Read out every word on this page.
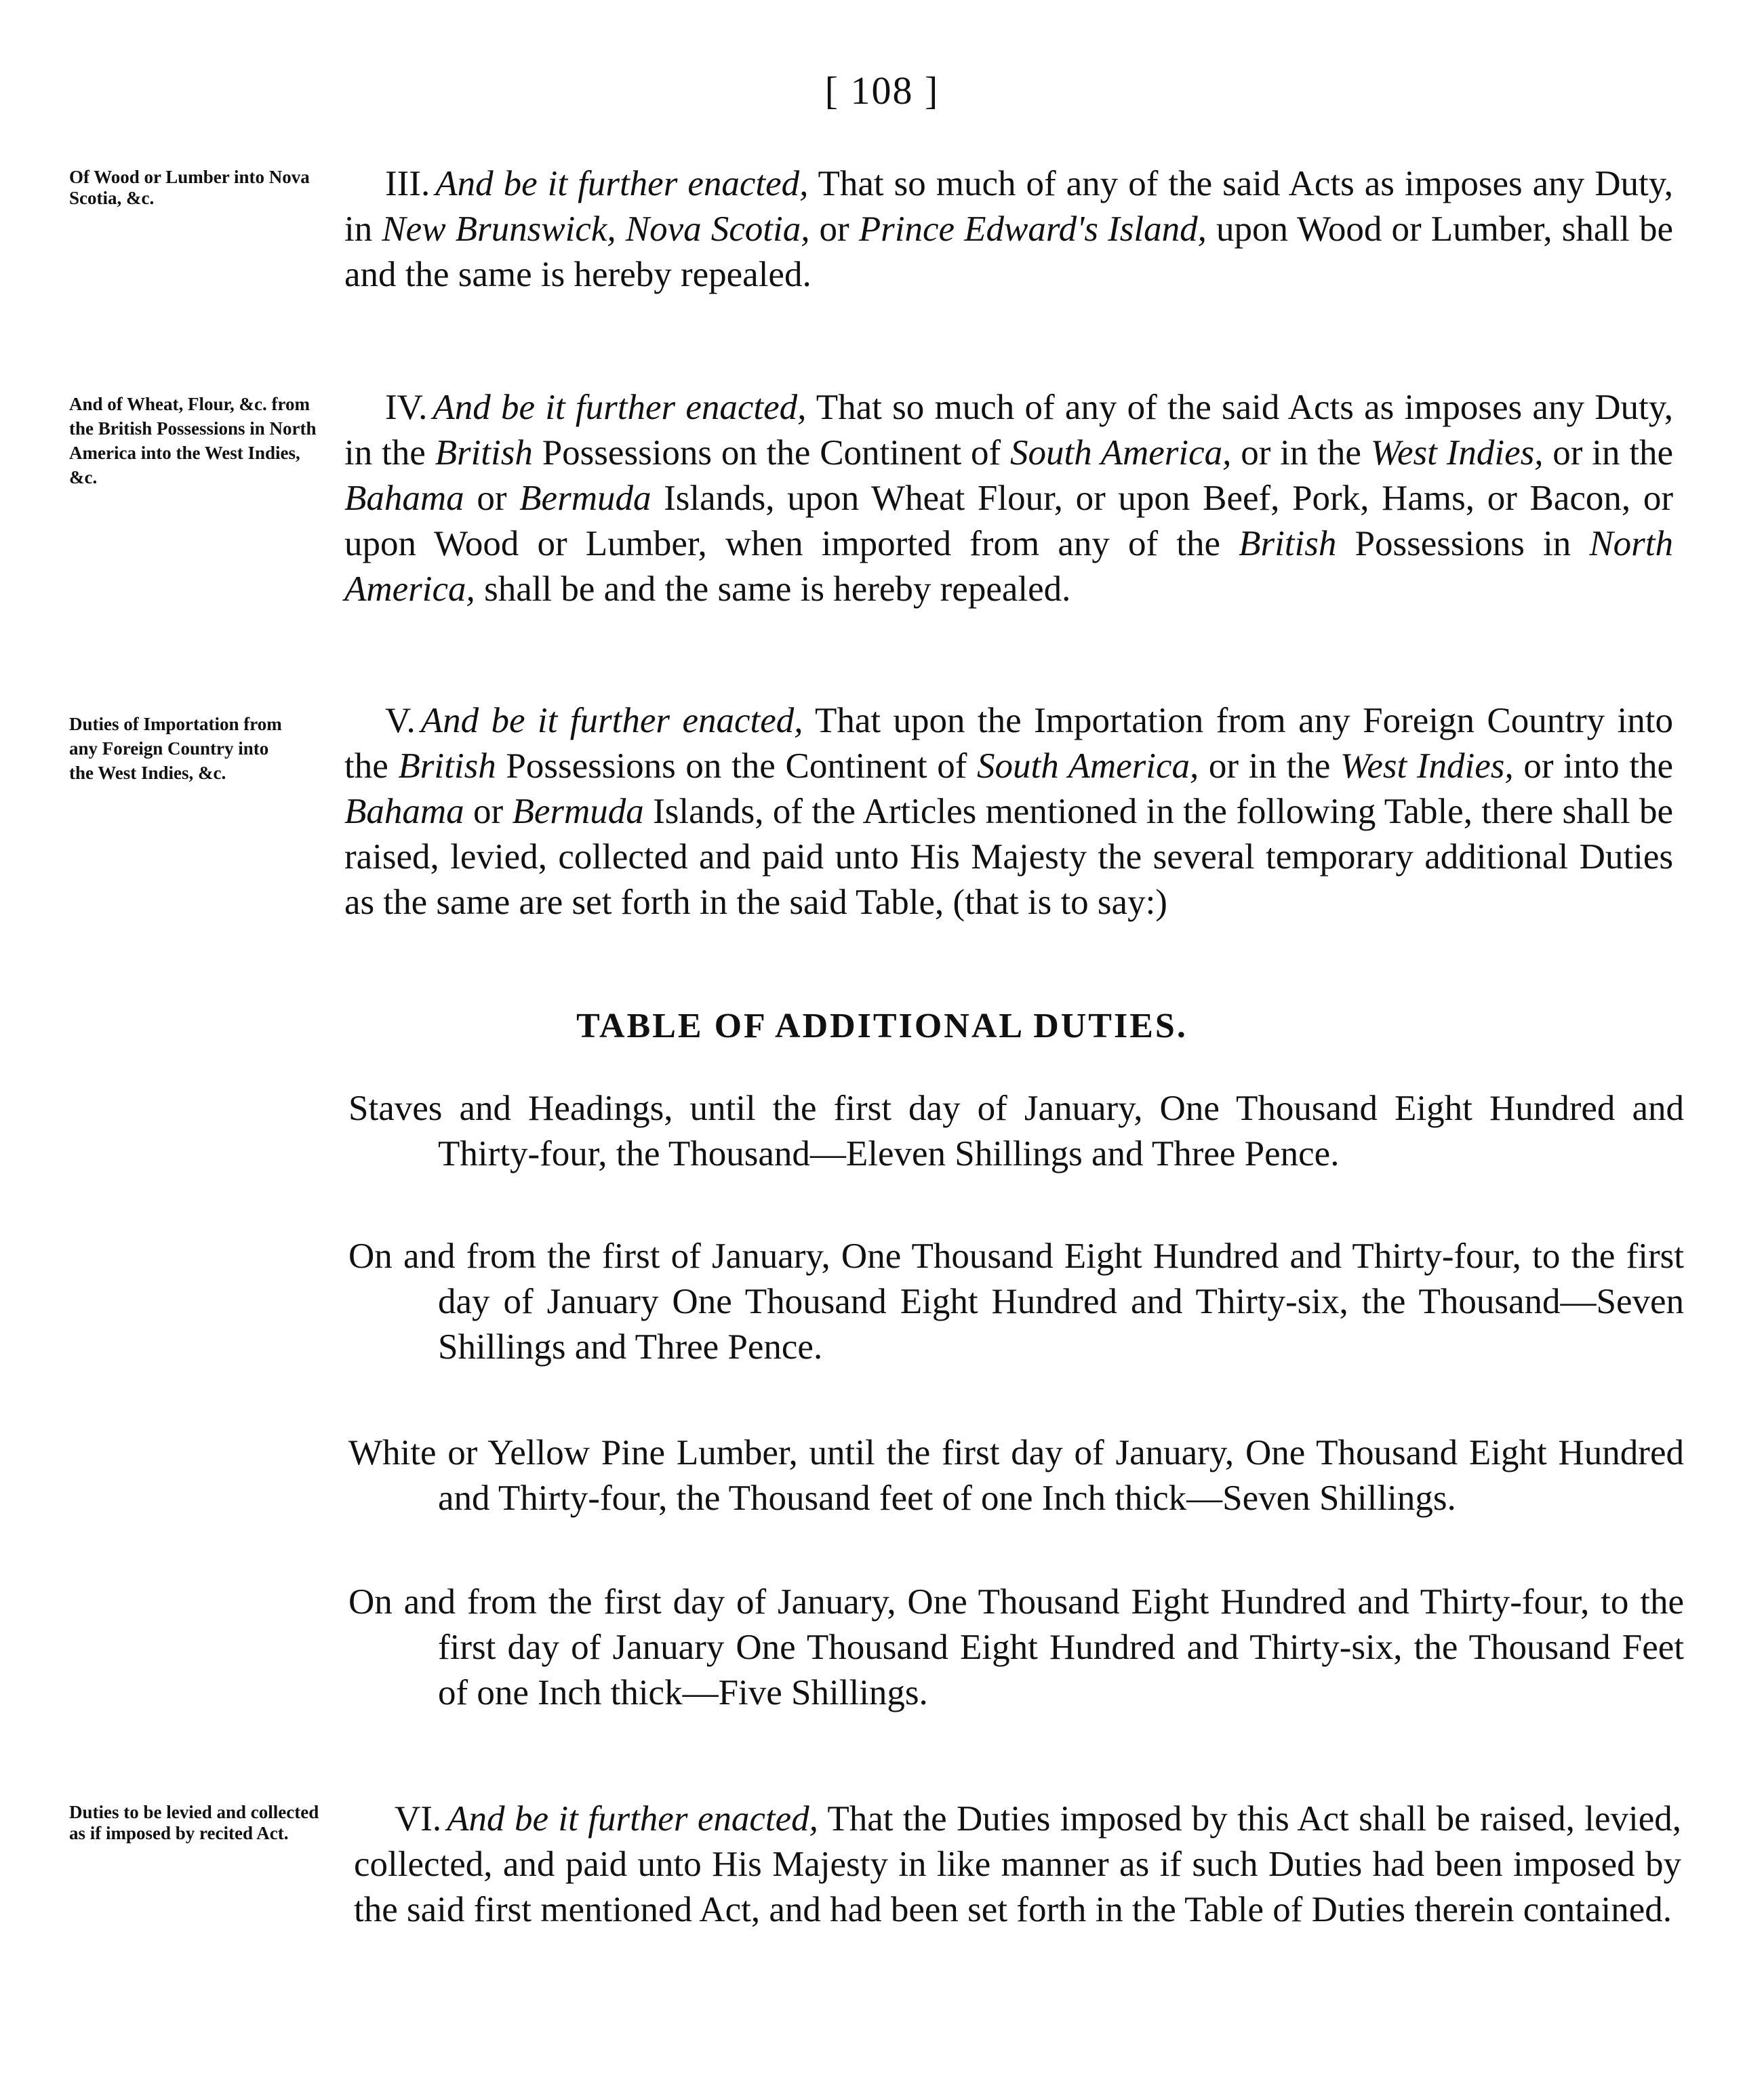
[ 108 ]
Of Wood or Lumber into Nova Scotia, &c.	III. And be it further enacted, That so much of any of the said Acts as imposes any Duty, in New Brunswick, Nova Scotia, or Prince Edward's Island, upon Wood or Lumber, shall be and the same is hereby repealed.
And of Wheat, Flour, &c. from the British Possessions in North America into the West Indies, &c.
IV. And be it further enacted, That so much of any of the said Acts as imposes any Duty, in the British Possessions on the Continent of South America, or in the West Indies, or in the Bahama or Bermuda Islands, upon Wheat Flour, or upon Beef, Pork, Hams, or Bacon, or upon Wood or Lumber, when imported from any of the British Possessions in North America, shall be and the same is hereby repealed.
Duties of Importation from any Foreign Country into the West Indies, &c.
V. And be it further enacted, That upon the Importation from any Foreign Country into the British Possessions on the Continent of South America, or in the West Indies, or into the Bahama or Bermuda Islands, of the Articles mentioned in the following Table, there shall be raised, levied, collected and paid unto His Majesty the several temporary additional Duties as the same are set forth in the said Table, (that is to say:)
TABLE OF ADDITIONAL DUTIES.
Staves and Headings, until the first day of January, One Thousand Eight Hundred and Thirty-four, the Thousand—Eleven Shillings and Three Pence.
On and from the first of January, One Thousand Eight Hundred and Thirty-four, to the first day of January One Thousand Eight Hundred and Thirty-six, the Thousand—Seven Shillings and Three Pence.
White or Yellow Pine Lumber, until the first day of January, One Thousand Eight Hundred and Thirty-four, the Thousand feet of one Inch thick—Seven Shillings.
On and from the first day of January, One Thousand Eight Hundred and Thirty-four, to the first day of January One Thousand Eight Hundred and Thirty-six, the Thousand Feet of one Inch thick—Five Shillings.
Duties to be levied and collected as if imposed by recited Act.	VI. And be it further enacted, That the Duties imposed by this Act shall be raised, levied, collected, and paid unto His Majesty in like manner as if such Duties had been imposed by the said first mentioned Act, and had been set forth in the Table of Duties therein contained.
